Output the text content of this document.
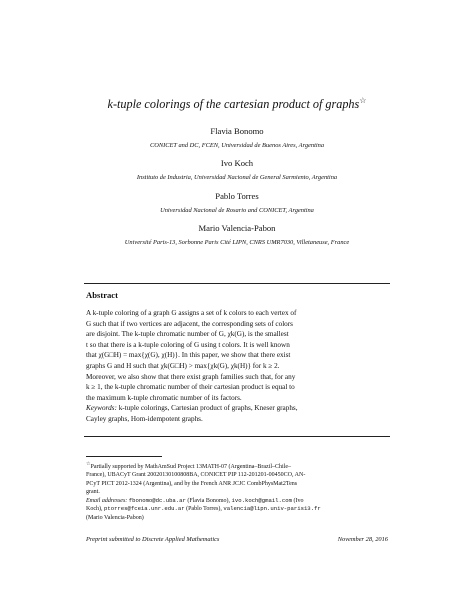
k-tuple colorings of the cartesian product of graphs☆
Flavia Bonomo
CONICET and DC, FCEN, Universidad de Buenos Aires, Argentina
Ivo Koch
Instituto de Industria, Universidad Nacional de General Sarmiento, Argentina
Pablo Torres
Universidad Nacional de Rosario and CONICET, Argentina
Mario Valencia-Pabon
Université Paris-13, Sorbonne Paris Cité LIPN, CNRS UMR7030, Villetaneuse, France
Abstract
A k-tuple coloring of a graph G assigns a set of k colors to each vertex of
G such that if two vertices are adjacent, the corresponding sets of colors
are disjoint. The k-tuple chromatic number of G, χk(G), is the smallest
t so that there is a k-tuple coloring of G using t colors. It is well known
that χ(G□H) = max{χ(G), χ(H)}. In this paper, we show that there exist
graphs G and H such that χk(G□H) > max{χk(G), χk(H)} for k ≥ 2.
Moreover, we also show that there exist graph families such that, for any
k ≥ 1, the k-tuple chromatic number of their cartesian product is equal to
the maximum k-tuple chromatic number of its factors.
Keywords: k-tuple colorings, Cartesian product of graphs, Kneser graphs,
Cayley graphs, Hom-idempotent graphs.
☆Partially supported by MathAmSud Project 13MATH-07 (Argentina–Brazil–Chile–
France), UBACyT Grant 20020130100808BA, CONICET PIP 112-201201-00450CO, AN-
PCyT PICT 2012-1324 (Argentina), and by the French ANR JCJC CombPhysMat2Tens
grant.
Email addresses: fbonomo@dc.uba.ar (Flavia Bonomo), ivo.koch@gmail.com (Ivo
Koch), ptorres@fceia.unr.edu.ar (Pablo Torres), valencia@lipn.univ-paris13.fr
(Mario Valencia-Pabon)
Preprint submitted to Discrete Applied Mathematics	November 28, 2016
